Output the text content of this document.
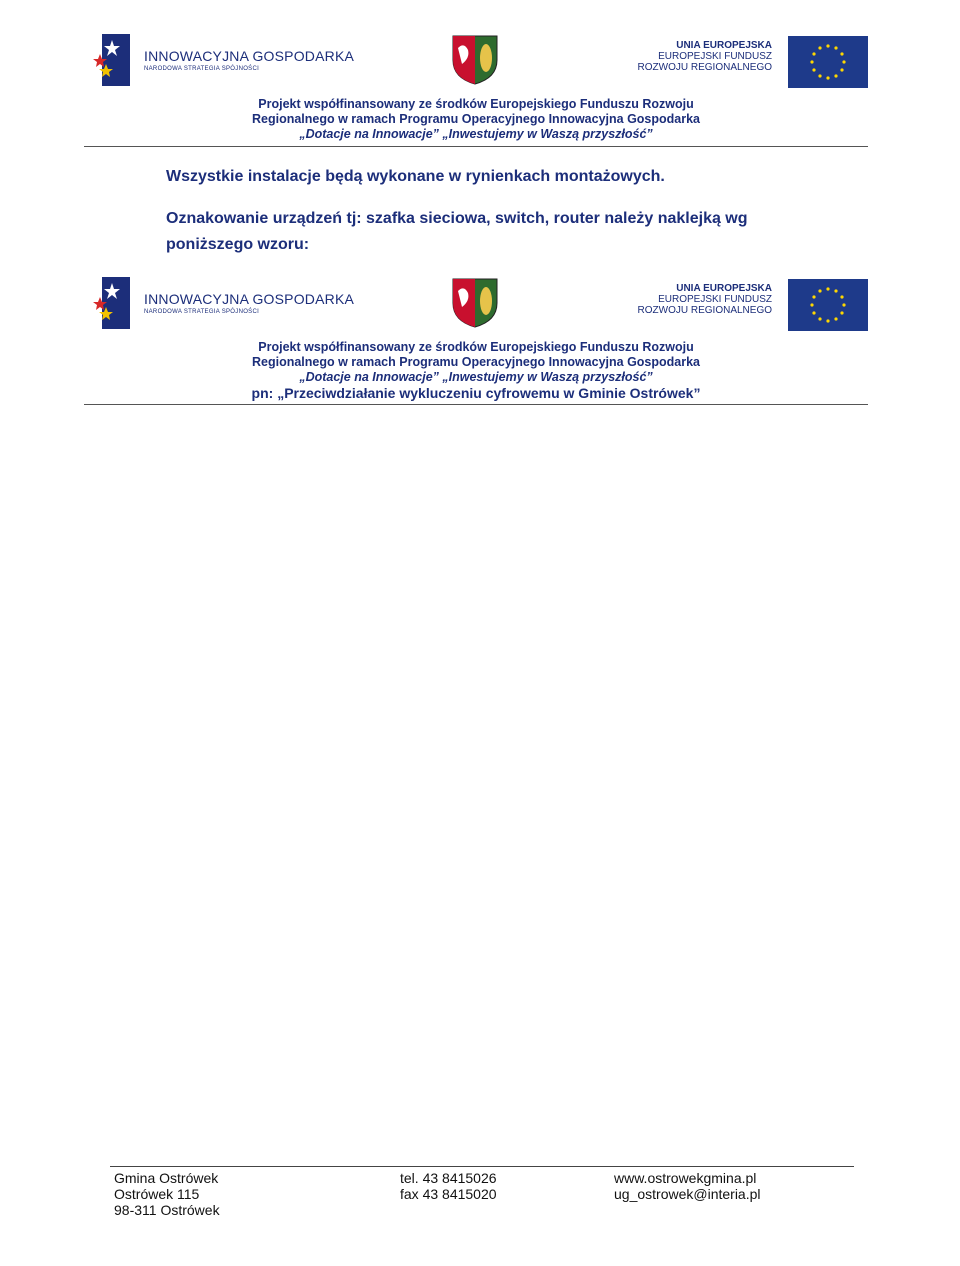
INNOWACYJNA GOSPODARKA
NARODOWA STRATEGIA SPÓJNOŚCI
UNIA EUROPEJSKA
EUROPEJSKI FUNDUSZ
ROZWOJU REGIONALNEGO
Projekt współfinansowany ze środków Europejskiego Funduszu Rozwoju
Regionalnego w ramach Programu Operacyjnego Innowacyjna Gospodarka
„Dotacje na Innowacje” „Inwestujemy w Waszą przyszłość”
Wszystkie instalacje będą wykonane w rynienkach montażowych.
Oznakowanie urządzeń tj: szafka sieciowa, switch, router należy naklejką wg
poniższego wzoru:
INNOWACYJNA GOSPODARKA
NARODOWA STRATEGIA SPÓJNOŚCI
UNIA EUROPEJSKA
EUROPEJSKI FUNDUSZ
ROZWOJU REGIONALNEGO
Projekt współfinansowany ze środków Europejskiego Funduszu Rozwoju
Regionalnego w ramach Programu Operacyjnego Innowacyjna Gospodarka
„Dotacje na Innowacje” „Inwestujemy w Waszą przyszłość”
pn: „Przeciwdziałanie wykluczeniu cyfrowemu w Gminie Ostrówek”
Gmina Ostrówek
Ostrówek 115
98-311 Ostrówek
tel. 43 8415026
fax 43 8415020
www.ostrowekgmina.pl
ug_ostrowek@interia.pl
